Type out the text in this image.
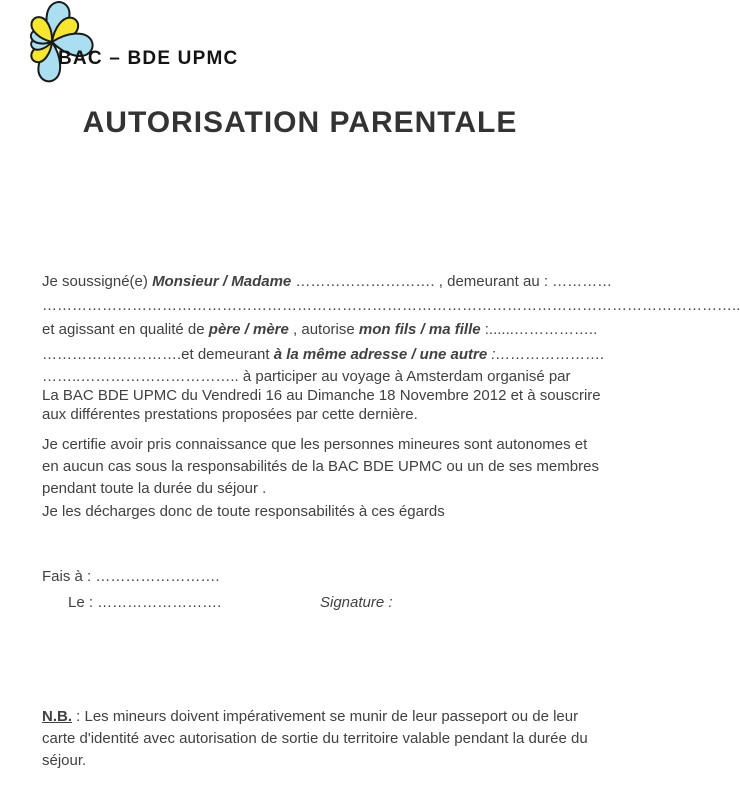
BAC – BDE UPMC
AUTORISATION PARENTALE
Je soussigné(e) Monsieur / Madame ………………………. , demeurant au : …………
…………………………………………………………………………………………………………………………..
et agissant en qualité de père / mère , autorise mon fils / ma fille :......……………..
……………………….et demeurant à la même adresse / une autre :………………….
……..………………………….. à participer au voyage à Amsterdam organisé par
La BAC BDE UPMC du Vendredi 16 au Dimanche 18 Novembre 2012 et à souscrire
aux différentes prestations proposées par cette dernière.
Je certifie avoir pris connaissance que les personnes mineures sont autonomes et
en aucun cas sous la responsabilités de la BAC BDE UPMC ou un de ses membres
pendant toute la durée du séjour .
Je les décharges donc de toute responsabilités à ces égards
Fais à : …………………….
Le : …………………….	Signature :
N.B. : Les mineurs doivent impérativement se munir de leur passeport ou de leur
carte d'identité avec autorisation de sortie du territoire valable pendant la durée du
séjour.
